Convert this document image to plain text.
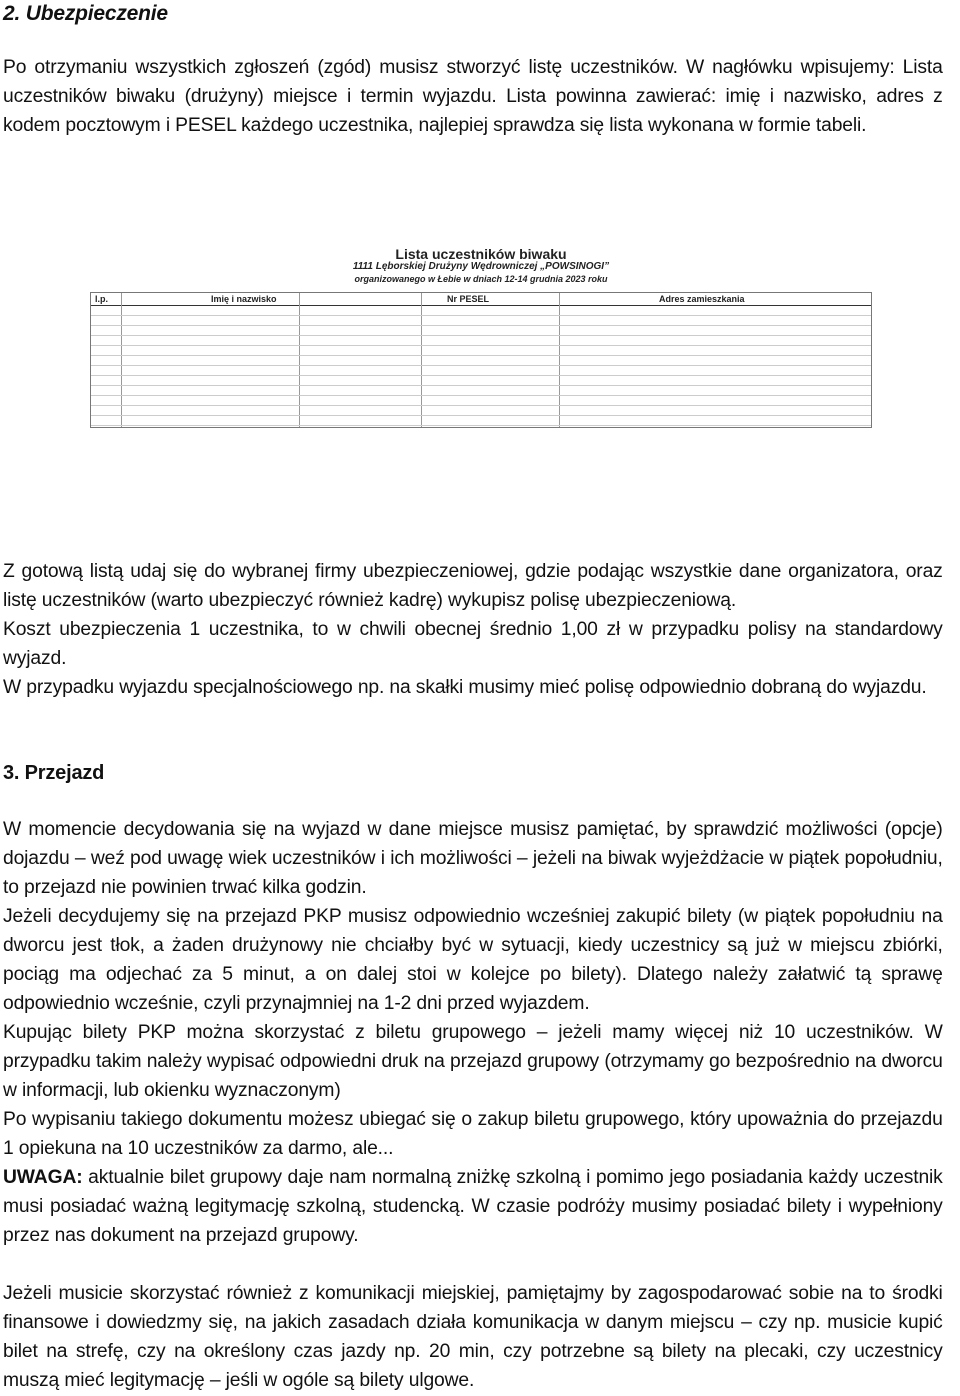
2. Ubezpieczenie

Po otrzymaniu wszystkich zgłoszeń (zgód) musisz stworzyć listę uczestników. W nagłówku wpisujemy: Lista uczestników biwaku (drużyny) miejsce i termin wyjazdu. Lista powinna zawierać: imię i nazwisko, adres z kodem pocztowym i PESEL każdego uczestnika, najlepiej sprawdza się lista wykonana w formie tabeli.

Lista uczestników biwaku
1111 Lęborskiej Drużyny Wędrowniczej „POWSINOGI”
organizowanego w Łebie w dniach 12-14 grudnia 2023 roku
l.p.	Imię i nazwisko	Nr PESEL	Adres zamieszkania

Z gotową listą udaj się do wybranej firmy ubezpieczeniowej, gdzie podając wszystkie dane organizatora, oraz listę uczestników (warto ubezpieczyć również kadrę) wykupisz polisę ubezpieczeniową.

Koszt ubezpieczenia 1 uczestnika, to w chwili obecnej średnio 1,00 zł w przypadku polisy na standardowy wyjazd.

W przypadku wyjazdu specjalnościowego np. na skałki musimy mieć polisę odpowiednio dobraną do wyjazdu.

3. Przejazd

W momencie decydowania się na wyjazd w dane miejsce musisz pamiętać, by sprawdzić możliwości (opcje) dojazdu – weź pod uwagę wiek uczestników i ich możliwości – jeżeli na biwak wyjeżdżacie w piątek popołudniu, to przejazd nie powinien trwać kilka godzin.

Jeżeli decydujemy się na przejazd PKP musisz odpowiednio wcześniej zakupić bilety (w piątek popołudniu na dworcu jest tłok, a żaden drużynowy nie chciałby być w sytuacji, kiedy uczestnicy są już w miejscu zbiórki, pociąg ma odjechać za 5 minut, a on dalej stoi w kolejce po bilety). Dlatego należy załatwić tą sprawę odpowiednio wcześnie, czyli przynajmniej na 1-2 dni przed wyjazdem.

Kupując bilety PKP można skorzystać z biletu grupowego – jeżeli mamy więcej niż 10 uczestników. W przypadku takim należy wypisać odpowiedni druk na przejazd grupowy (otrzymamy go bezpośrednio na dworcu w informacji, lub okienku wyznaczonym)

Po wypisaniu takiego dokumentu możesz ubiegać się o zakup biletu grupowego, który upoważnia do przejazdu 1 opiekuna na 10 uczestników za darmo, ale...

UWAGA: aktualnie bilet grupowy daje nam normalną zniżkę szkolną i pomimo jego posiadania każdy uczestnik musi posiadać ważną legitymację szkolną, studencką. W czasie podróży musimy posiadać bilety i wypełniony przez nas dokument na przejazd grupowy.

Jeżeli musicie skorzystać również z komunikacji miejskiej, pamiętajmy by zagospodarować sobie na to środki finansowe i dowiedzmy się, na jakich zasadach działa komunikacja w danym miejscu – czy np. musicie kupić bilet na strefę, czy na określony czas jazdy np. 20 min, czy potrzebne są bilety na plecaki, czy uczestnicy muszą mieć legitymację – jeśli w ogóle są bilety ulgowe.
